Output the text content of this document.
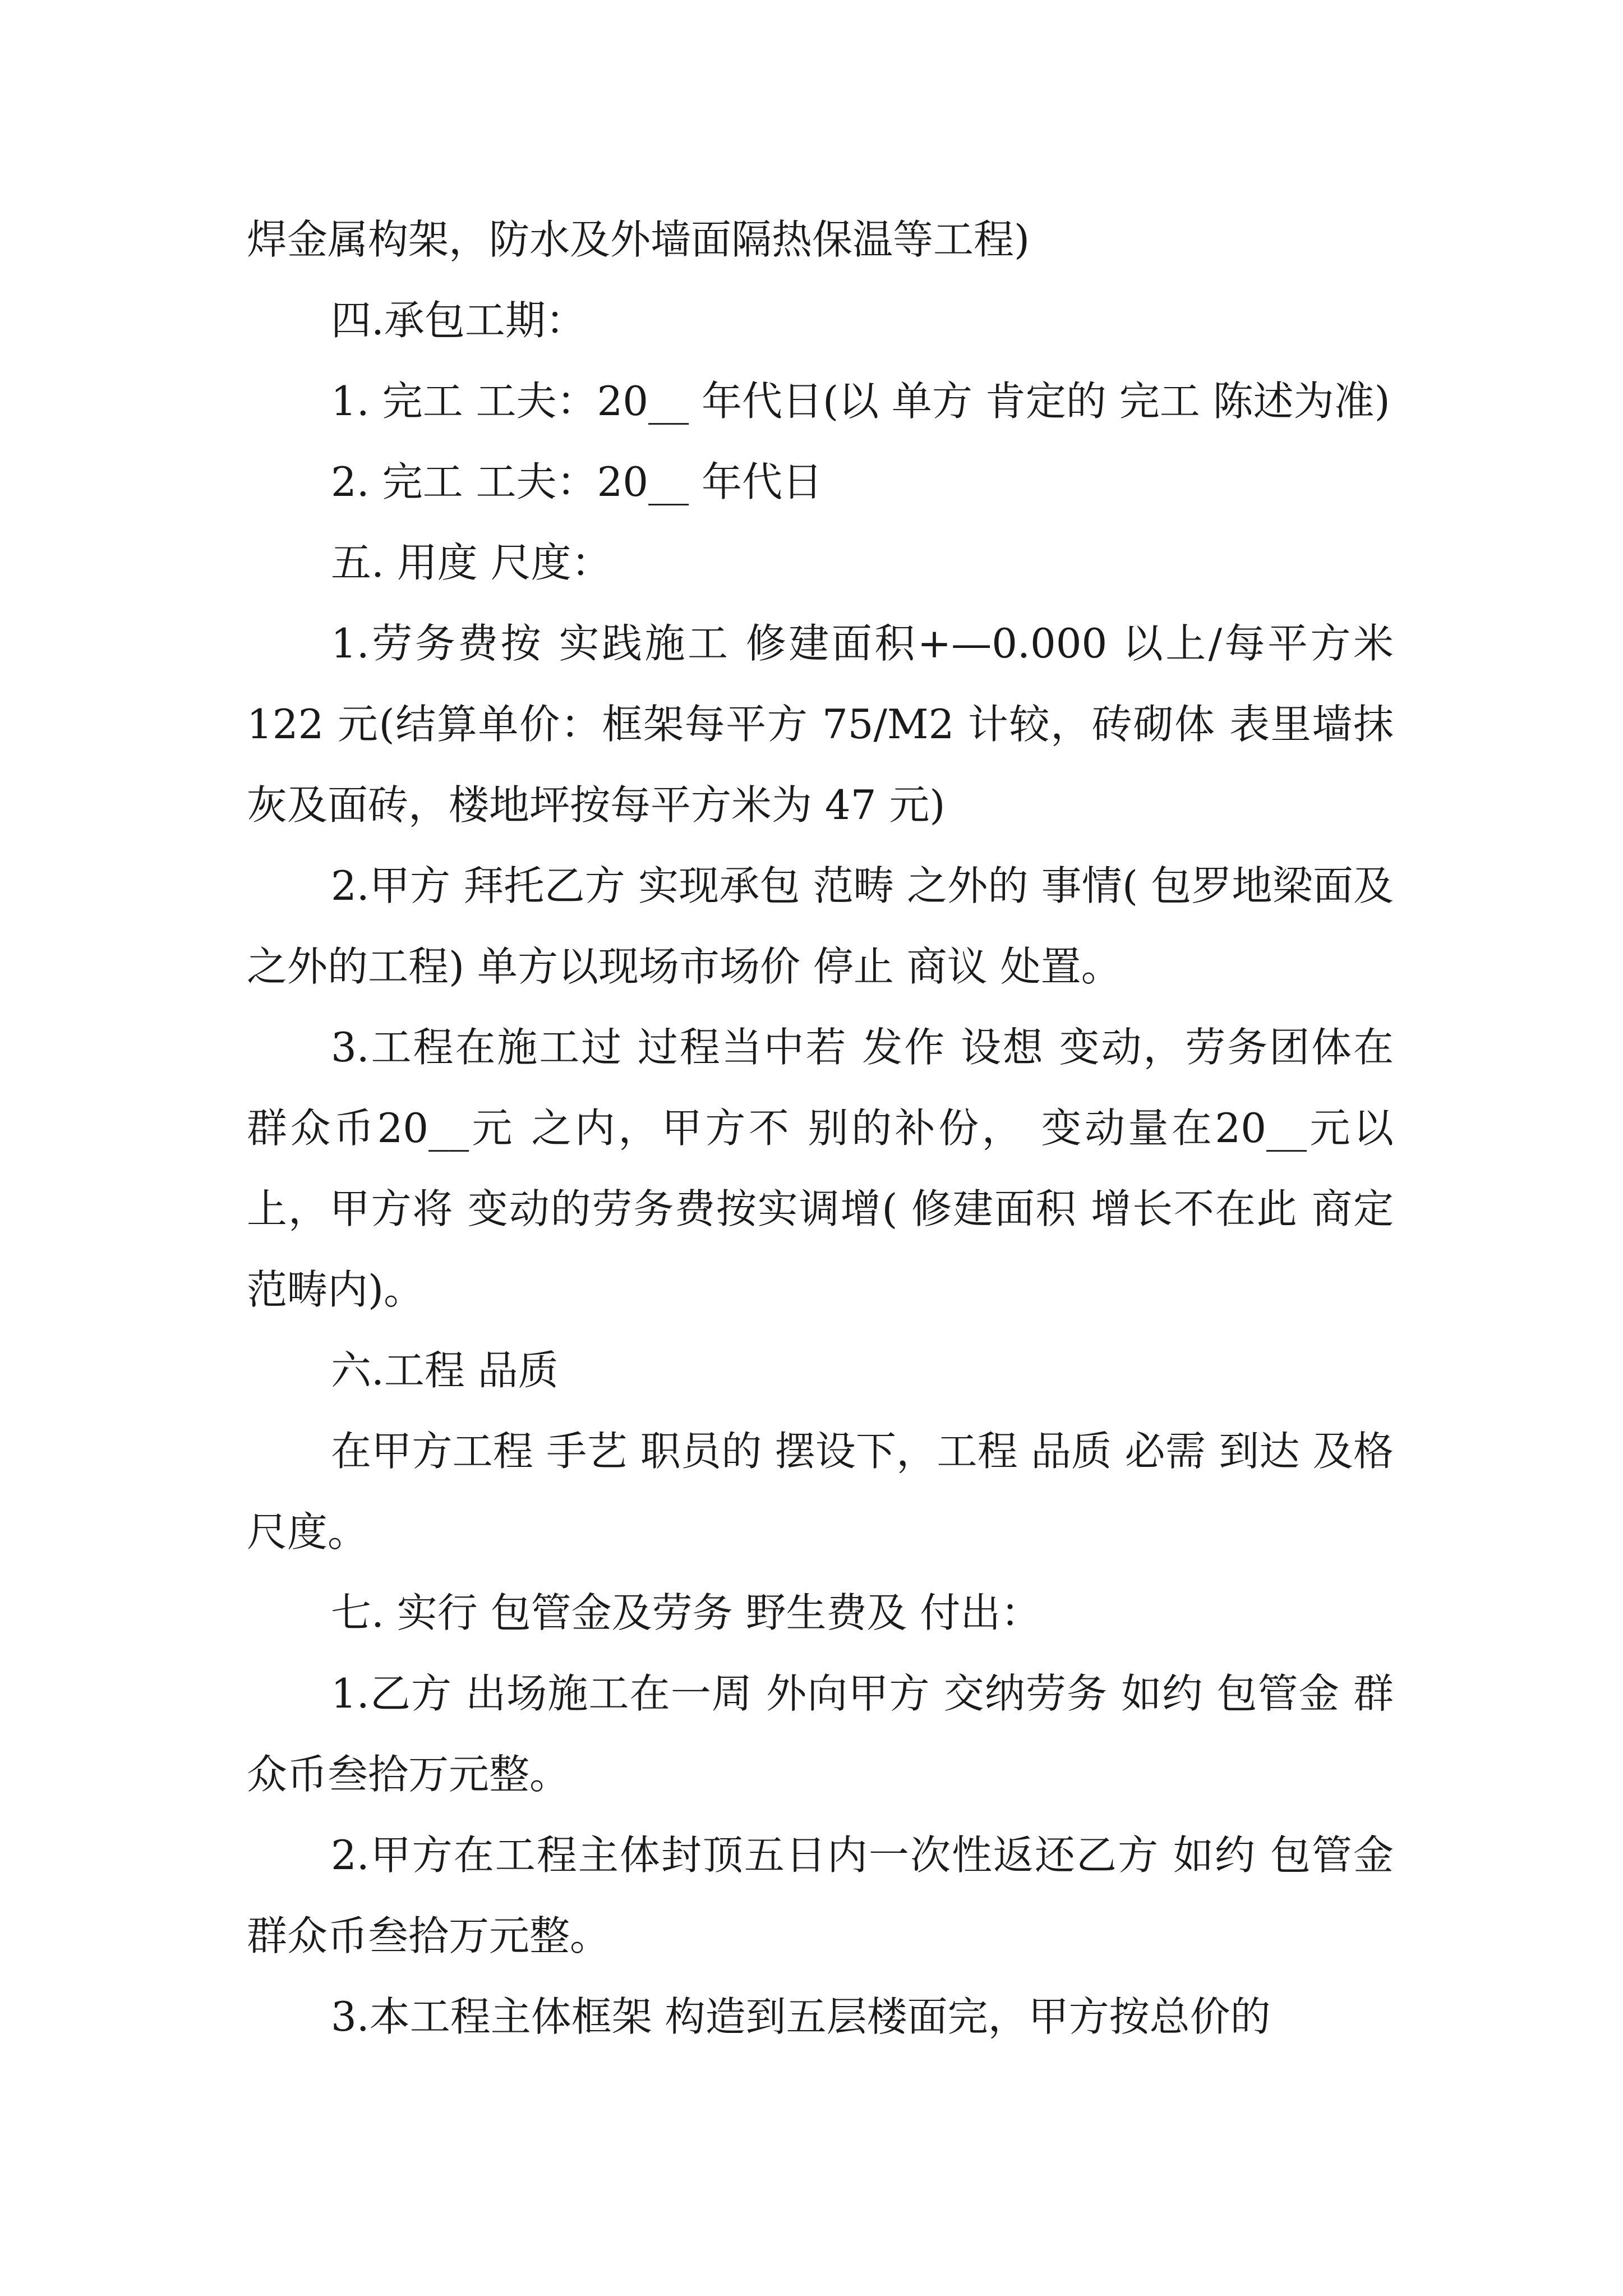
焊金属构架，防水及外墙面隔热保温等工程)

四.承包工期：

1. 完工 工夫：20__ 年代日(以 单方 肯定的 完工 陈述为准)

2. 完工 工夫：20__ 年代日

五. 用度 尺度：

1.劳务费按 实践施工 修建面积+—0.000 以上/每平方米 122 元(结算单价：框架每平方 75/M2 计较，砖砌体 表里墙抹灰及面砖，楼地坪按每平方米为 47 元)

2.甲方 拜托乙方 实现承包 范畴 之外的 事情( 包罗地梁面及 之外的工程) 单方以现场市场价 停止 商议 处置。

3.工程在施工过 过程当中若 发作 设想 变动，劳务团体在 群众币20__元 之内，甲方不 别的补份， 变动量在20__元以上，甲方将 变动的劳务费按实调增( 修建面积 增长不在此 商定 范畴内)。

六.工程 品质

在甲方工程 手艺 职员的 摆设下，工程 品质 必需 到达 及格 尺度。

七. 实行 包管金及劳务 野生费及 付出：

1.乙方 出场施工在一周 外向甲方 交纳劳务 如约 包管金 群众币叁拾万元整。

2.甲方在工程主体封顶五日内一次性返还乙方 如约 包管金 群众币叁拾万元整。

3.本工程主体框架 构造到五层楼面完，甲方按总价的
